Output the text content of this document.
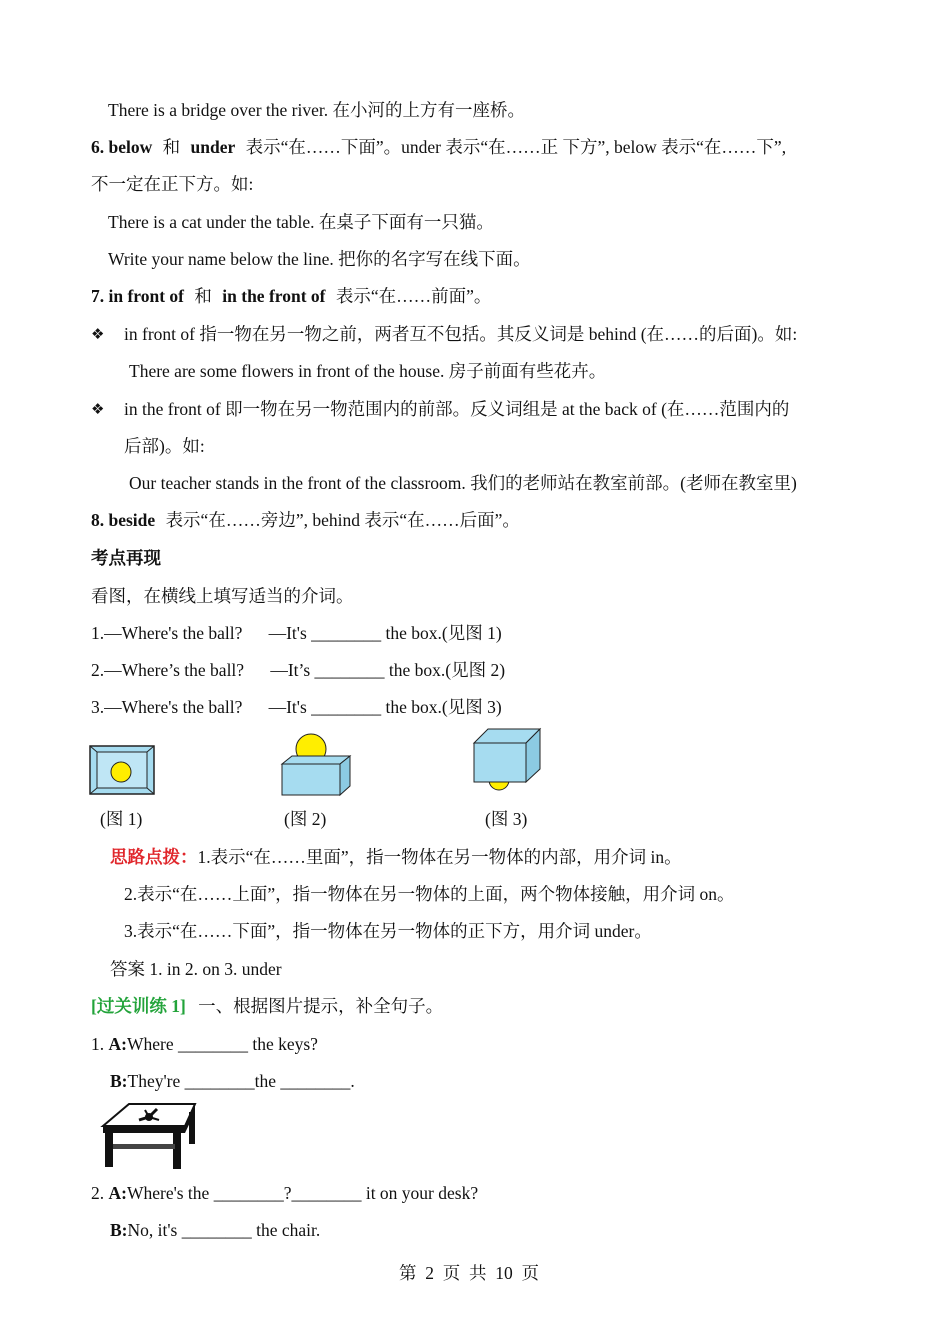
There is a bridge over the river. 在小河的上方有一座桥。
6. below 和 under 表示“在……下面”。under 表示“在……正 下方”, below 表示“在……下”,
不一定在正下方。如:
There is a cat under the table. 在桌子下面有一只猫。
Write your name below the line. 把你的名字写在线下面。
7. in front of 和 in the front of 表示“在……前面”。
❖ in front of 指一物在另一物之前，两者互不包括。其反义词是 behind (在……的后面)。如:
There are some flowers in front of the house. 房子前面有些花卉。
❖ in the front of 即一物在另一物范围内的前部。反义词组是 at the back of (在……范围内的
后部)。如:
Our teacher stands in the front of the classroom. 我们的老师站在教室前部。(老师在教室里)
8. beside 表示“在……旁边”, behind 表示“在……后面”。
考点再现
看图，在横线上填写适当的介词。
1.—Where's the ball?      —It's ________ the box.(见图 1)
2.—Where’s the ball?      —It’s ________ the box.(见图 2)
3.—Where's the ball?      —It's ________ the box.(见图 3)
(图 1)	(图 2)	(图 3)
思路点拨：1.表示“在……里面”，指一物体在另一物体的内部，用介词 in。
2.表示“在……上面”，指一物体在另一物体的上面，两个物体接触，用介词 on。
3.表示“在……下面”，指一物体在另一物体的正下方，用介词 under。
答案 1. in 2. on 3. under
[过关训练 1] 一、根据图片提示，补全句子。
1. A:Where ________ the keys?
B:They're ________the ________.
2. A:Where's the ________?________ it on your desk?
B:No, it's ________ the chair.
第  2  页  共  10  页
